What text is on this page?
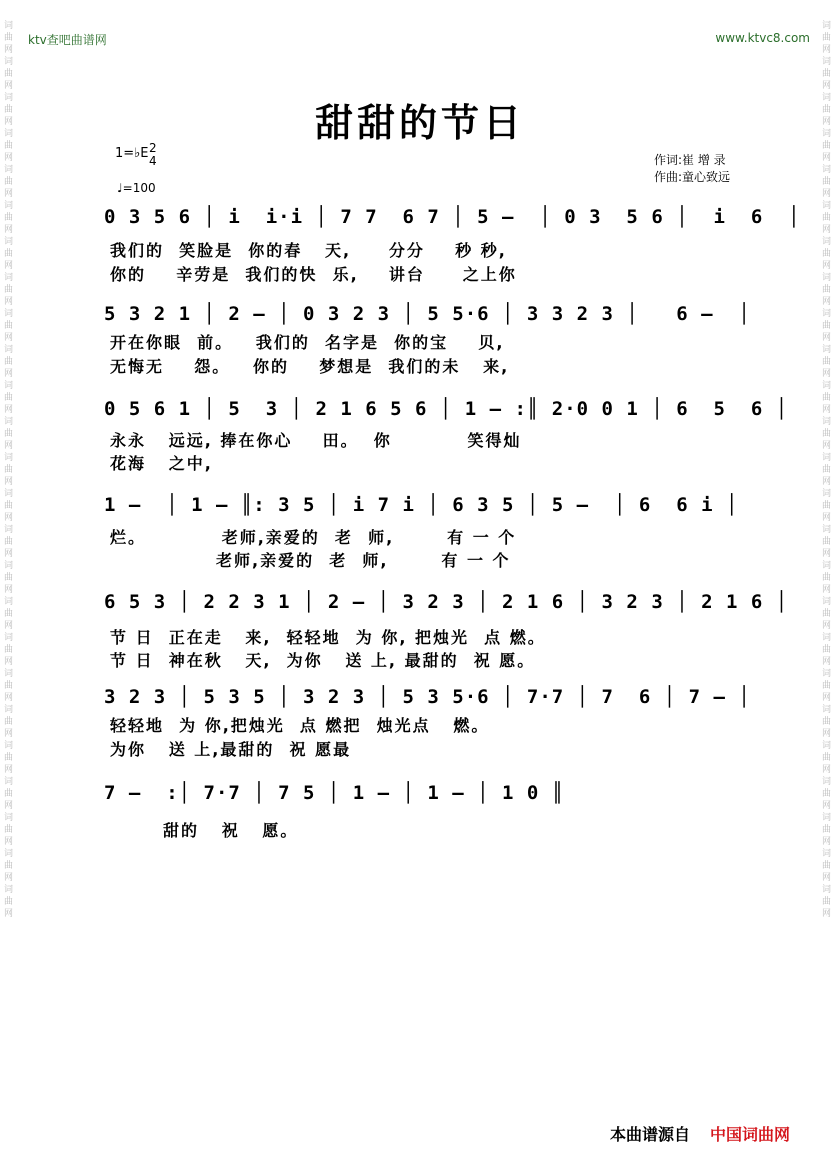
词曲网词曲网词曲网词曲网词曲网词曲网词曲网词曲网词曲网词曲网词曲网词曲网词曲网词曲网词曲网词曲网词曲网词曲网词曲网词曲网词曲网词曲网词曲网词曲网词曲网
词曲网词曲网词曲网词曲网词曲网词曲网词曲网词曲网词曲网词曲网词曲网词曲网词曲网词曲网词曲网词曲网词曲网词曲网词曲网词曲网词曲网词曲网词曲网词曲网词曲网
ktv查吧曲谱网	www.ktvc8.com
甜甜的节日
1=♭E 2
4
♩=100
作词:崔 增 录
作曲:童心致远
0 3 5 6 │ i  i·i │ 7 7  6 7 │ 5 –  │ 0 3  5 6 │  i  6  │
我们的  笑脸是  你的春   天,     分分    秒 秒,
你的    辛劳是  我们的快  乐,    讲台     之上你
5 3 2 1 │ 2 – │ 0 3 2 3 │ 5 5·6 │ 3 3 2 3 │   6 –  │
开在你眼  前。   我们的  名字是  你的宝    贝,
无悔无    怨。   你的    梦想是  我们的未   来,
0 5 6 1 │ 5  3 │ 2 1 6 5 6 │ 1 – :║ 2·0 0 1 │ 6  5  6 │
永永   远远, 捧在你心    田。  你          笑得灿
花海   之中,
1 –  │ 1 – ║: 3 5 │ i 7 i │ 6 3 5 │ 5 –  │ 6  6 i │
烂。          老师,亲爱的  老  师,       有 一 个
老师,亲爱的  老  师,       有 一 个
6 5 3 │ 2 2 3 1 │ 2 – │ 3 2 3 │ 2 1 6 │ 3 2 3 │ 2 1 6 │
节 日  正在走   来,  轻轻地  为 你, 把烛光  点 燃。
节 日  神在秋   天,  为你   送 上, 最甜的  祝 愿。
3 2 3 │ 5 3 5 │ 3 2 3 │ 5 3 5·6 │ 7·7 │ 7  6 │ 7 – │
轻轻地  为 你,把烛光  点 燃把  烛光点   燃。
为你   送 上,最甜的  祝 愿最
7 –  :│ 7·7 │ 7 5 │ 1 – │ 1 – │ 1 0 ║
甜的   祝   愿。
本曲谱源自 中国词曲网
